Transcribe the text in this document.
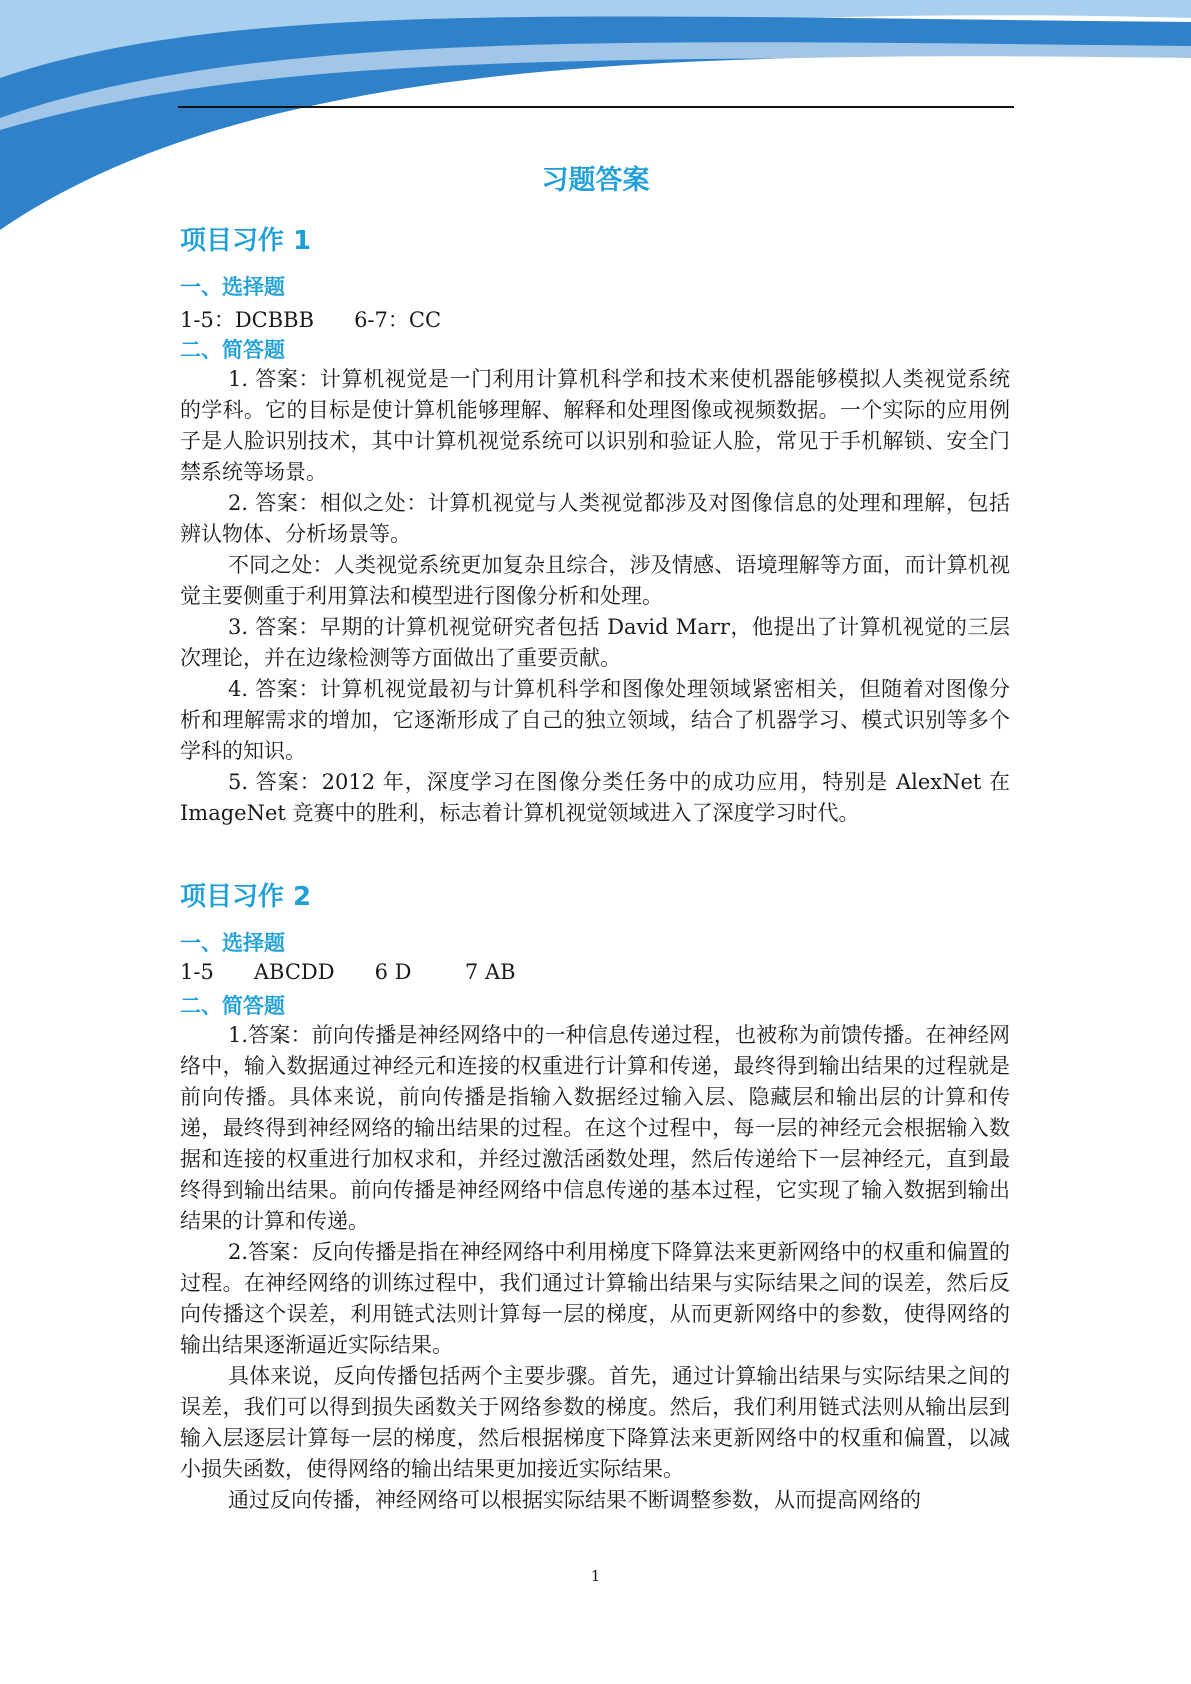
习题答案
项目习作 1
一、选择题
1-5：DCBBB      6-7：CC
二、简答题

1. 答案：计算机视觉是一门利用计算机科学和技术来使机器能够模拟人类视觉系统的学科。它的目标是使计算机能够理解、解释和处理图像或视频数据。一个实际的应用例子是人脸识别技术，其中计算机视觉系统可以识别和验证人脸，常见于手机解锁、安全门禁系统等场景。

2. 答案：相似之处：计算机视觉与人类视觉都涉及对图像信息的处理和理解，包括辨认物体、分析场景等。

不同之处：人类视觉系统更加复杂且综合，涉及情感、语境理解等方面，而计算机视觉主要侧重于利用算法和模型进行图像分析和处理。

3. 答案：早期的计算机视觉研究者包括 David Marr，他提出了计算机视觉的三层次理论，并在边缘检测等方面做出了重要贡献。

4. 答案：计算机视觉最初与计算机科学和图像处理领域紧密相关，但随着对图像分析和理解需求的增加，它逐渐形成了自己的独立领域，结合了机器学习、模式识别等多个学科的知识。

5. 答案：2012 年，深度学习在图像分类任务中的成功应用，特别是 AlexNet 在 ImageNet 竞赛中的胜利，标志着计算机视觉领域进入了深度学习时代。

项目习作 2
一、选择题
1-5      ABCDD      6 D        7 AB
二、简答题

1.答案：前向传播是神经网络中的一种信息传递过程，也被称为前馈传播。在神经网络中，输入数据通过神经元和连接的权重进行计算和传递，最终得到输出结果的过程就是前向传播。具体来说，前向传播是指输入数据经过输入层、隐藏层和输出层的计算和传递，最终得到神经网络的输出结果的过程。在这个过程中，每一层的神经元会根据输入数据和连接的权重进行加权求和，并经过激活函数处理，然后传递给下一层神经元，直到最终得到输出结果。前向传播是神经网络中信息传递的基本过程，它实现了输入数据到输出结果的计算和传递。

2.答案：反向传播是指在神经网络中利用梯度下降算法来更新网络中的权重和偏置的过程。在神经网络的训练过程中，我们通过计算输出结果与实际结果之间的误差，然后反向传播这个误差，利用链式法则计算每一层的梯度，从而更新网络中的参数，使得网络的输出结果逐渐逼近实际结果。

具体来说，反向传播包括两个主要步骤。首先，通过计算输出结果与实际结果之间的误差，我们可以得到损失函数关于网络参数的梯度。然后，我们利用链式法则从输出层到输入层逐层计算每一层的梯度，然后根据梯度下降算法来更新网络中的权重和偏置，以减小损失函数，使得网络的输出结果更加接近实际结果。

通过反向传播，神经网络可以根据实际结果不断调整参数，从而提高网络的

1
